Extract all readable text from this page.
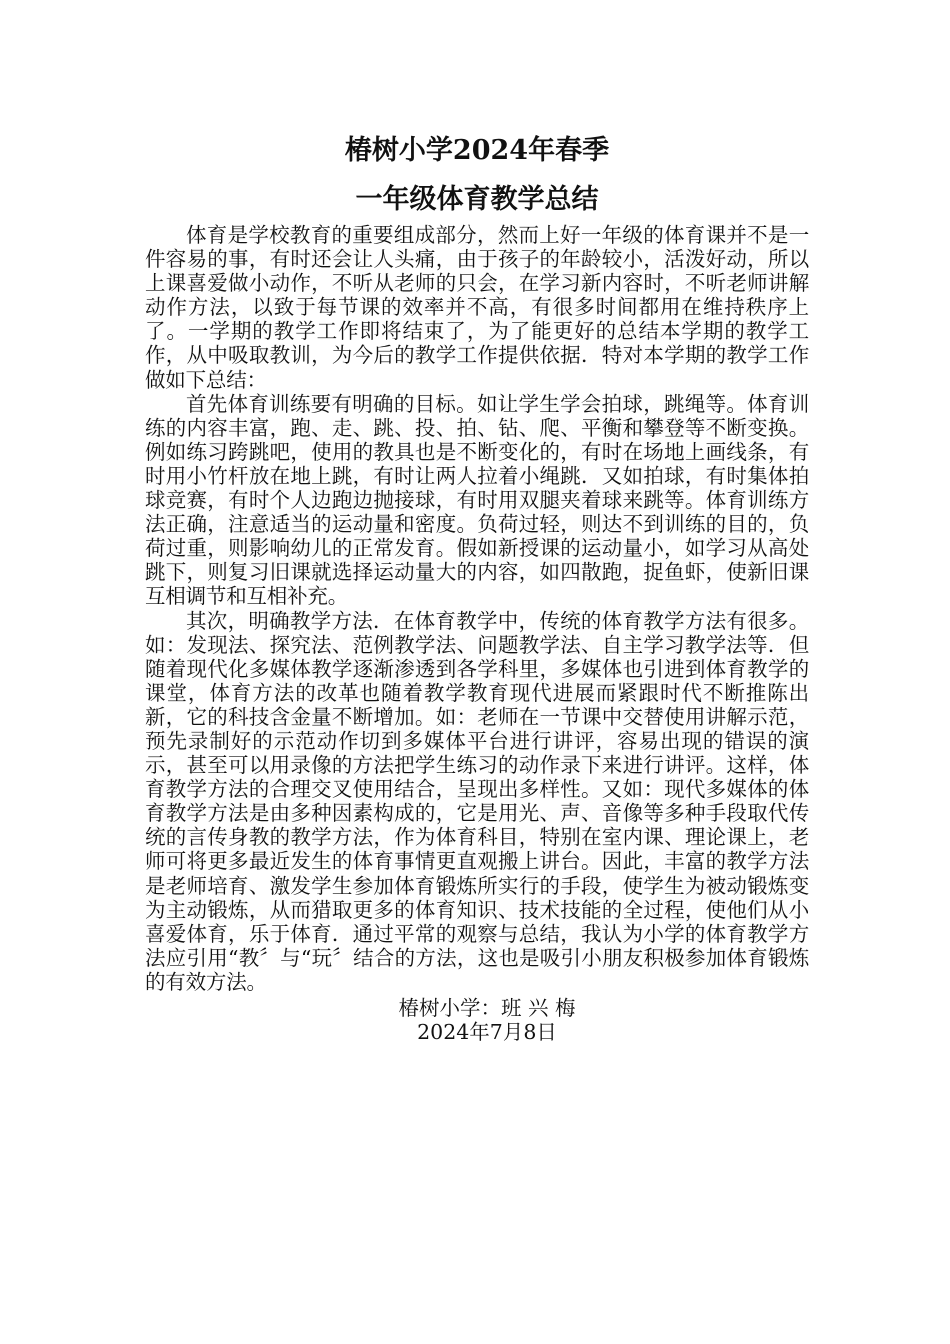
椿树小学2024年春季
一年级体育教学总结

体育是学校教育的重要组成部分，然而上好一年级的体育课并不是一件容易的事，有时还会让人头痛，由于孩子的年龄较小，活泼好动，所以上课喜爱做小动作，不听从老师的只会，在学习新内容时，不听老师讲解动作方法，以致于每节课的效率并不高，有很多时间都用在维持秩序上了。一学期的教学工作即将结束了，为了能更好的总结本学期的教学工作，从中吸取教训，为今后的教学工作提供依据．特对本学期的教学工作做如下总结：

首先体育训练要有明确的目标。如让学生学会拍球，跳绳等。体育训练的内容丰富，跑、走、跳、投、拍、钻、爬、平衡和攀登等不断变换。例如练习跨跳吧，使用的教具也是不断变化的，有时在场地上画线条，有时用小竹杆放在地上跳，有时让两人拉着小绳跳．又如拍球，有时集体拍球竞赛，有时个人边跑边抛接球，有时用双腿夹着球来跳等。体育训练方法正确，注意适当的运动量和密度。负荷过轻，则达不到训练的目的，负荷过重，则影响幼儿的正常发育。假如新授课的运动量小，如学习从高处跳下，则复习旧课就选择运动量大的内容，如四散跑，捉鱼虾，使新旧课互相调节和互相补充。

其次，明确教学方法．在体育教学中，传统的体育教学方法有很多。如：发现法、探究法、范例教学法、问题教学法、自主学习教学法等．但随着现代化多媒体教学逐渐渗透到各学科里，多媒体也引进到体育教学的课堂，体育方法的改革也随着教学教育现代进展而紧跟时代不断推陈出新，它的科技含金量不断增加。如：老师在一节课中交替使用讲解示范，预先录制好的示范动作切到多媒体平台进行讲评，容易出现的错误的演示，甚至可以用录像的方法把学生练习的动作录下来进行讲评。这样，体育教学方法的合理交叉使用结合，呈现出多样性。又如：现代多媒体的体育教学方法是由多种因素构成的，它是用光、声、音像等多种手段取代传统的言传身教的教学方法，作为体育科目，特别在室内课、理论课上，老师可将更多最近发生的体育事情更直观搬上讲台。因此，丰富的教学方法是老师培育、激发学生参加体育锻炼所实行的手段，使学生为被动锻炼变为主动锻炼，从而猎取更多的体育知识、技术技能的全过程，使他们从小喜爱体育，乐于体育．通过平常的观察与总结，我认为小学的体育教学方法应引用“教〞与“玩〞结合的方法，这也是吸引小朋友积极参加体育锻炼的有效方法。

椿树小学：班 兴 梅

2024年7月8日
